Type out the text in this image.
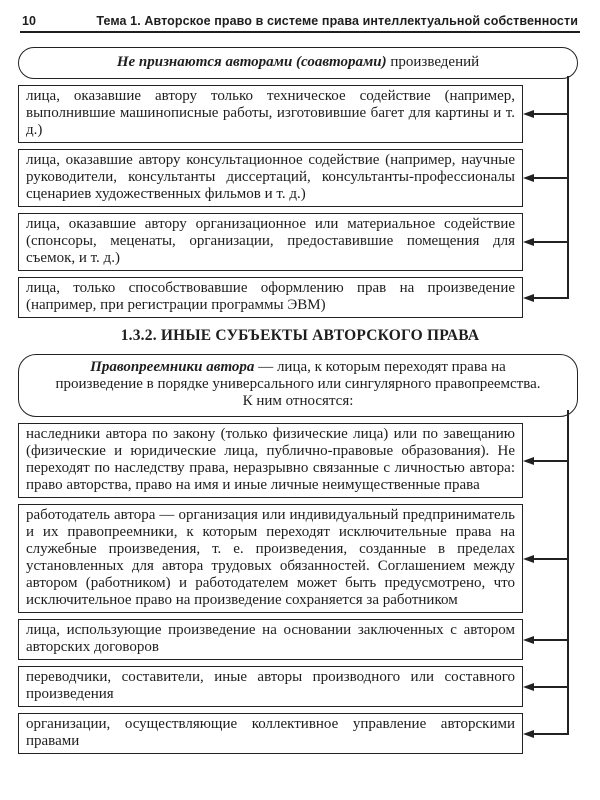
10	Тема 1. Авторское право в системе права интеллектуальной собственности
Не признаются авторами (соавторами) произведений
лица, оказавшие автору только техническое содействие (например, выполнившие машинописные работы, изготовившие багет для картины и т. д.)
лица, оказавшие автору консультационное содействие (например, научные руководители, консультанты диссертаций, консультанты-профессионалы сценариев художественных фильмов и т. д.)
лица, оказавшие автору организационное или материальное содействие (спонсоры, меценаты, организации, предоставившие помещения для съемок, и т. д.)
лица, только способствовавшие оформлению прав на произведение (например, при регистрации программы ЭВМ)
1.3.2. ИНЫЕ СУБЪЕКТЫ АВТОРСКОГО ПРАВА
Правопреемники автора — лица, к которым переходят права на произведение в порядке универсального или сингулярного правопреемства. К ним относятся:
наследники автора по закону (только физические лица) или по завещанию (физические и юридические лица, публично-правовые образования). Не переходят по наследству права, неразрывно связанные с личностью автора: право авторства, право на имя и иные личные неимущественные права
работодатель автора — организация или индивидуальный предприниматель и их правопреемники, к которым переходят исключительные права на служебные произведения, т. е. произведения, созданные в пределах установленных для автора трудовых обязанностей. Соглашением между автором (работником) и работодателем может быть предусмотрено, что исключительное право на произведение сохраняется за работником
лица, использующие произведение на основании заключенных с автором авторских договоров
переводчики, составители, иные авторы производного или составного произведения
организации, осуществляющие коллективное управление авторскими правами
